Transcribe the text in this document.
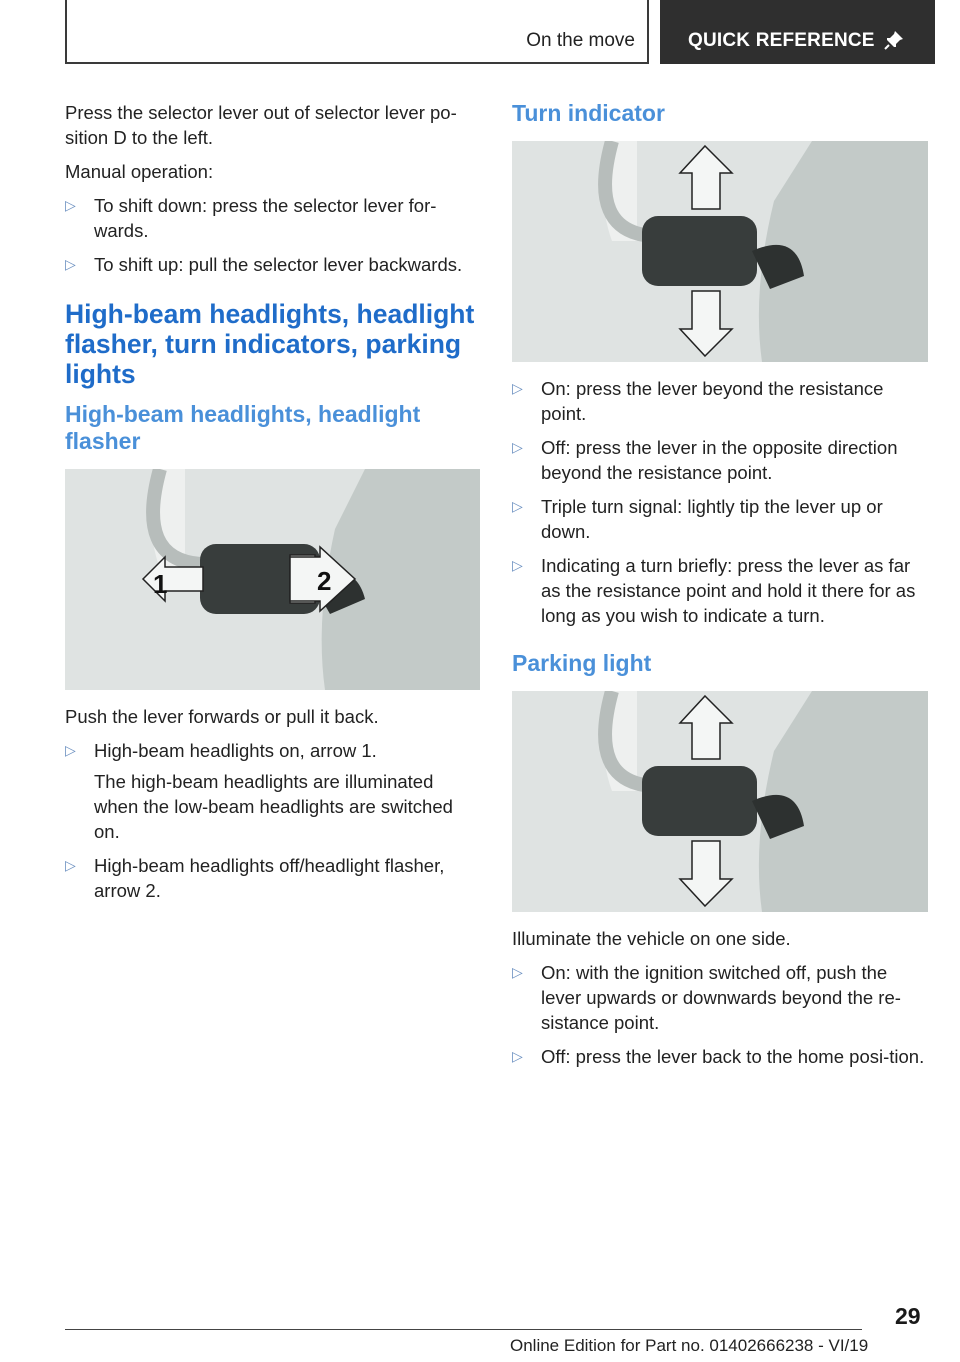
On the move	QUICK REFERENCE

Press the selector lever out of selector lever po-sition D to the left.

Manual operation:

▷ To shift down: press the selector lever for-wards.
▷ To shift up: pull the selector lever backwards.
High-beam headlights, headlight flasher, turn indicators, parking lights
High-beam headlights, headlight flasher
1	2

Push the lever forwards or pull it back.

▷ High-beam headlights on, arrow 1.
The high-beam headlights are illuminated when the low-beam headlights are switched on.
▷ High-beam headlights off/headlight flasher, arrow 2.
Turn indicator
▷ On: press the lever beyond the resistance point.
▷ Off: press the lever in the opposite direction beyond the resistance point.
▷ Triple turn signal: lightly tip the lever up or down.
▷ Indicating a turn briefly: press the lever as far as the resistance point and hold it there for as long as you wish to indicate a turn.
Parking light

Illuminate the vehicle on one side.

▷ On: with the ignition switched off, push the lever upwards or downwards beyond the re-sistance point.
▷ Off: press the lever back to the home posi-tion.
29
Online Edition for Part no. 01402666238 - VI/19
